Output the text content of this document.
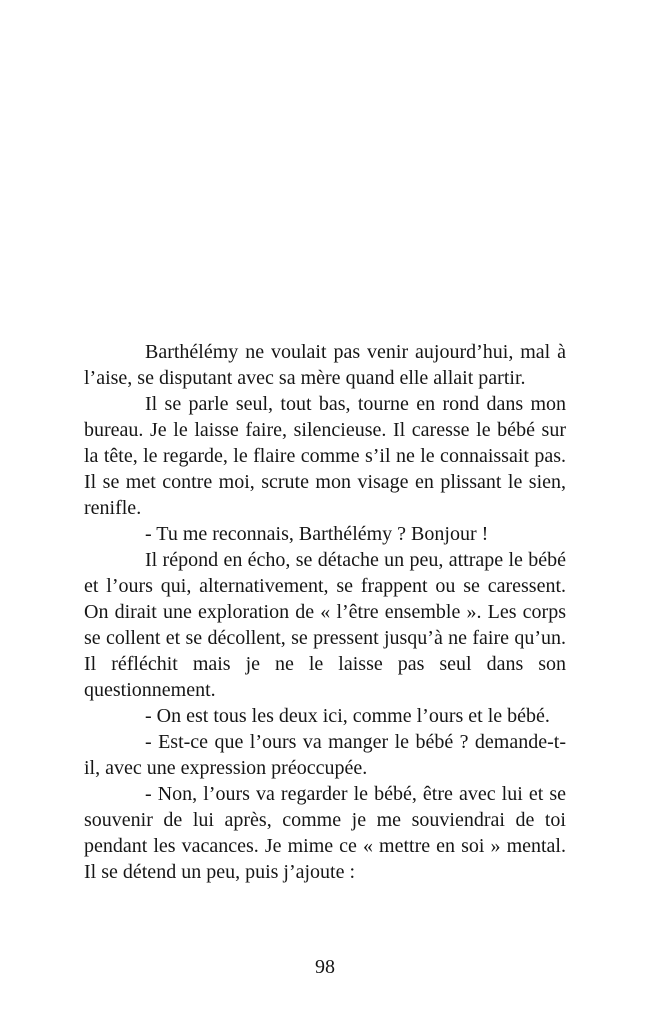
Barthélémy ne voulait pas venir aujourd’hui, mal à l’aise, se disputant avec sa mère quand elle allait partir.

Il se parle seul, tout bas, tourne en rond dans mon bureau. Je le laisse faire, silencieuse. Il caresse le bébé sur la tête, le regarde, le flaire comme s’il ne le connaissait pas. Il se met contre moi, scrute mon visage en plissant le sien, renifle.

- Tu me reconnais, Barthélémy ? Bonjour !

Il répond en écho, se détache un peu, attrape le bébé et l’ours qui, alternativement, se frappent ou se caressent. On dirait une exploration de « l’être ensemble ». Les corps se collent et se décollent, se pressent jusqu’à ne faire qu’un. Il réfléchit mais je ne le laisse pas seul dans son questionnement.

- On est tous les deux ici, comme l’ours et le bébé.

- Est-ce que l’ours va manger le bébé ? demande-t-il, avec une expression préoccupée.

- Non, l’ours va regarder le bébé, être avec lui et se souvenir de lui après, comme je me souviendrai de toi pendant les vacances. Je mime ce « mettre en soi » mental. Il se détend un peu, puis j’ajoute :

98
